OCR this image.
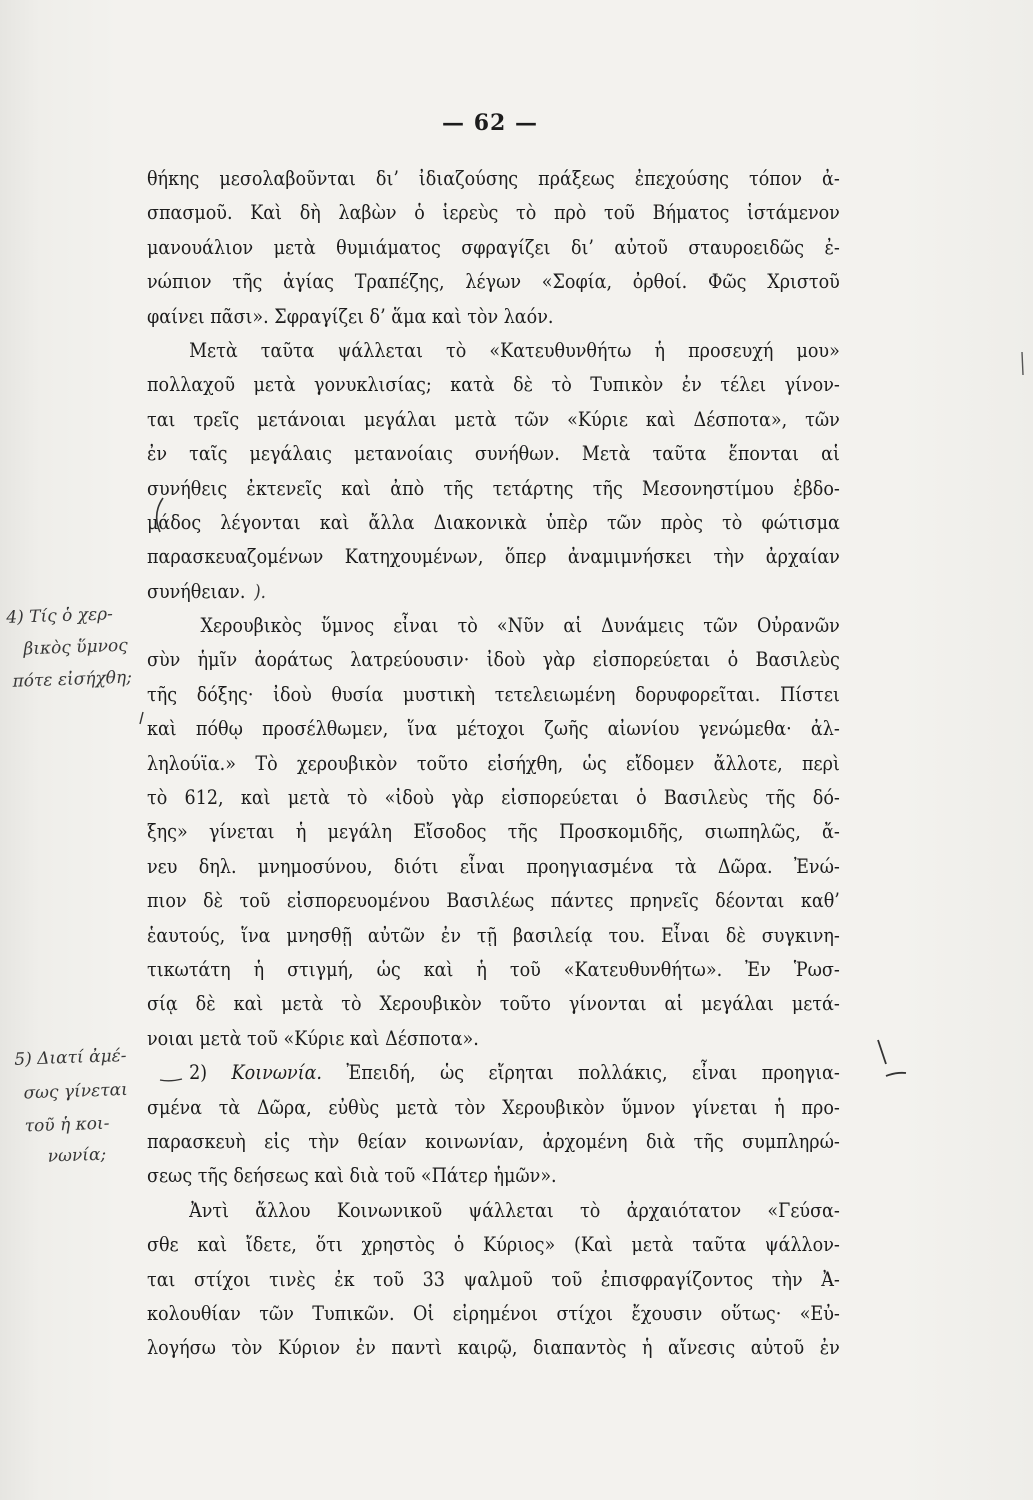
— 62 —
θήκης μεσολαβοῦνται δι’ ἰδιαζούσης πράξεως ἐπεχούσης τόπον ἀ-
σπασμοῦ. Καὶ δὴ λαβὼν ὁ ἱερεὺς τὸ πρὸ τοῦ Βήματος ἱστάμενον
μανουάλιον μετὰ θυμιάματος σφραγίζει δι’ αὐτοῦ σταυροειδῶς ἐ-
νώπιον τῆς ἁγίας Τραπέζης, λέγων «Σοφία, ὀρθοί. Φῶς Χριστοῦ
φαίνει πᾶσι». Σφραγίζει δ’ ἅμα καὶ τὸν λαόν.
Μετὰ ταῦτα ψάλλεται τὸ «Κατευθυνθήτω ἡ προσευχή μου»
πολλαχοῦ μετὰ γονυκλισίας; κατὰ δὲ τὸ Τυπικὸν ἐν τέλει γίνον-
ται τρεῖς μετάνοιαι μεγάλαι μετὰ τῶν «Κύριε καὶ Δέσποτα», τῶν
ἐν ταῖς μεγάλαις μετανοίαις συνήθων. Μετὰ ταῦτα ἕπονται αἱ
συνήθεις ἐκτενεῖς καὶ ἀπὸ τῆς τετάρτης τῆς Μεσονηστίμου ἑβδο-
μάδος λέγονται καὶ ἄλλα Διακονικὰ ὑπὲρ τῶν πρὸς τὸ φώτισμα
παρασκευαζομένων Κατηχουμένων, ὅπερ ἀναμιμνήσκει τὴν ἀρχαίαν
συνήθειαν. ).
Χερουβικὸς ὕμνος εἶναι τὸ «Νῦν αἱ Δυνάμεις τῶν Οὐρανῶν
σὺν ἡμῖν ἀοράτως λατρεύουσιν· ἰδοὺ γὰρ εἰσπορεύεται ὁ Βασιλεὺς
τῆς δόξης· ἰδοὺ θυσία μυστικὴ τετελειωμένη δορυφορεῖται. Πίστει
καὶ πόθῳ προσέλθωμεν, ἵνα μέτοχοι ζωῆς αἰωνίου γενώμεθα· ἀλ-
ληλούϊα.» Τὸ χερουβικὸν τοῦτο εἰσήχθη, ὡς εἴδομεν ἄλλοτε, περὶ
τὸ 612, καὶ μετὰ τὸ «ἰδοὺ γὰρ εἰσπορεύεται ὁ Βασιλεὺς τῆς δό-
ξης» γίνεται ἡ μεγάλη Εἴσοδος τῆς Προσκομιδῆς, σιωπηλῶς, ἄ-
νευ δηλ. μνημοσύνου, διότι εἶναι προηγιασμένα τὰ Δῶρα. Ἐνώ-
πιον δὲ τοῦ εἰσπορευομένου Βασιλέως πάντες πρηνεῖς δέονται καθ’
ἑαυτούς, ἵνα μνησθῇ αὐτῶν ἐν τῇ βασιλείᾳ του. Εἶναι δὲ συγκινη-
τικωτάτη ἡ στιγμή, ὡς καὶ ἡ τοῦ «Κατευθυνθήτω». Ἐν Ῥωσ-
σίᾳ δὲ καὶ μετὰ τὸ Χερουβικὸν τοῦτο γίνονται αἱ μεγάλαι μετά-
νοιαι μετὰ τοῦ «Κύριε καὶ Δέσποτα».
2) Κοινωνία. Ἐπειδή, ὡς εἴρηται πολλάκις, εἶναι προηγια-
σμένα τὰ Δῶρα, εὐθὺς μετὰ τὸν Χερουβικὸν ὕμνον γίνεται ἡ προ-
παρασκευὴ εἰς τὴν θείαν κοινωνίαν, ἀρχομένη διὰ τῆς συμπληρώ-
σεως τῆς δεήσεως καὶ διὰ τοῦ «Πάτερ ἡμῶν».
Ἀντὶ ἄλλου Κοινωνικοῦ ψάλλεται τὸ ἀρχαιότατον «Γεύσα-
σθε καὶ ἴδετε, ὅτι χρηστὸς ὁ Κύριος» (Καὶ μετὰ ταῦτα ψάλλον-
ται στίχοι τινὲς ἐκ τοῦ 33 ψαλμοῦ τοῦ ἐπισφραγίζοντος τὴν Ἀ-
κολουθίαν τῶν Τυπικῶν. Οἱ εἰρημένοι στίχοι ἔχουσιν οὕτως· «Εὐ-
λογήσω τὸν Κύριον ἐν παντὶ καιρῷ, διαπαντὸς ἡ αἴνεσις αὐτοῦ ἐν
4) Τίς ὁ χερ-
βικὸς ὕμνος
πότε εἰσήχθη;
5) Διατί ἀμέ-
σως γίνεται
τοῦ ἡ κοι-
νωνία;
